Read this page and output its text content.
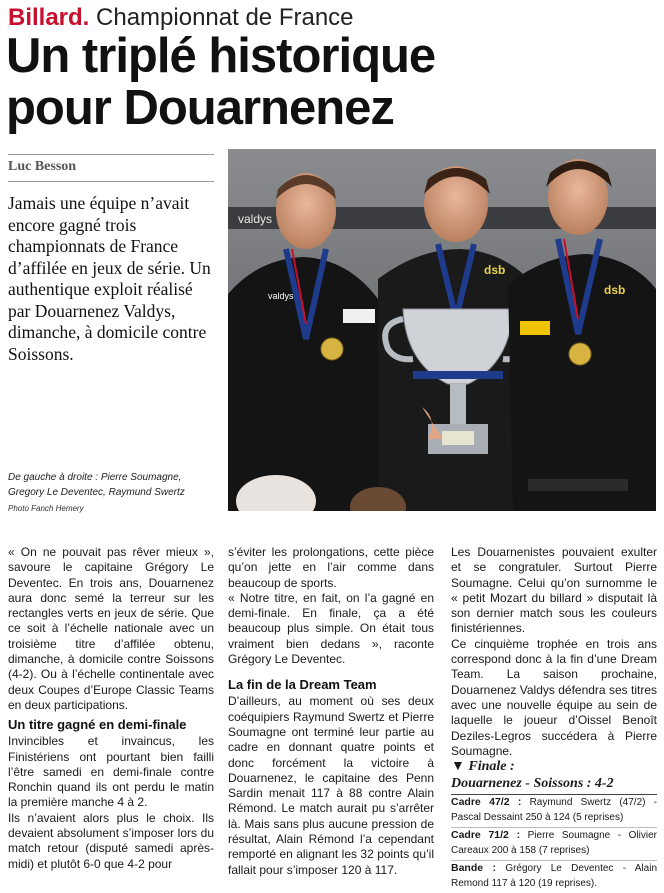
Billard. Championnat de France
Un triplé historique
pour Douarnenez
Luc Besson
Jamais une équipe n’avait encore gagné trois championnats de France d’affilée en jeux de série. Un authentique exploit réalisé par Douarnenez Valdys, dimanche, à domicile contre Soissons.
De gauche à droite : Pierre Soumagne, Gregory Le Deventec, Raymund Swertz
Photo Fanch Hemery
valdys
valdys
dsb
dsb

« On ne pouvait pas rêver mieux », savoure le capitaine Grégory Le Deventec. En trois ans, Douarnenez aura donc semé la terreur sur les rectangles verts en jeux de série. Que ce soit à l’échelle nationale avec un troisième titre d’affilée obtenu, dimanche, à domicile contre Soissons (4-2). Ou à l’échelle continentale avec deux Coupes d’Europe Classic Teams en deux participations.

Un titre gagné en demi-finale

Invincibles et invaincus, les Finistériens ont pourtant bien failli l’être samedi en demi-finale contre Ronchin quand ils ont perdu le matin la première manche 4 à 2.

Ils n’avaient alors plus le choix. Ils devaient absolument s’imposer lors du match retour (disputé samedi après-midi) et plutôt 6-0 que 4-2 pour

s’éviter les prolongations, cette pièce qu’on jette en l’air comme dans beaucoup de sports.

« Notre titre, en fait, on l’a gagné en demi-finale. En finale, ça a été beaucoup plus simple. On était tous vraiment bien dedans », raconte Grégory Le Deventec.

La fin de la Dream Team

D’ailleurs, au moment où ses deux coéquipiers Raymund Swertz et Pierre Soumagne ont terminé leur partie au cadre en donnant quatre points et donc forcément la victoire à Douarnenez, le capitaine des Penn Sardin menait 117 à 88 contre Alain Rémond. Le match aurait pu s’arrêter là. Mais sans plus aucune pression de résultat, Alain Rémond l’a cependant remporté en alignant les 32 points qu’il fallait pour s’imposer 120 à 117.

Les Douarnenistes pouvaient exulter et se congratuler. Surtout Pierre Soumagne. Celui qu’on surnomme le « petit Mozart du billard » disputait là son dernier match sous les couleurs finistériennes.

Ce cinquième trophée en trois ans correspond donc à la fin d’une Dream Team. La saison prochaine, Douarnenez Valdys défendra ses titres avec une nouvelle équipe au sein de laquelle le joueur d’Oissel Benoît Deziles-Legros succédera à Pierre Soumagne.

▼ Finale :

Douarnenez - Soissons : 4-2

Cadre 47/2 : Raymund Swertz (47/2) - Pascal Dessaint 250 à 124 (5 reprises)

Cadre 71/2 : Pierre Soumagne - Olivier Careaux 200 à 158 (7 reprises)

Bande : Grégory Le Deventec - Alain Remond 117 à 120 (19 reprises).
